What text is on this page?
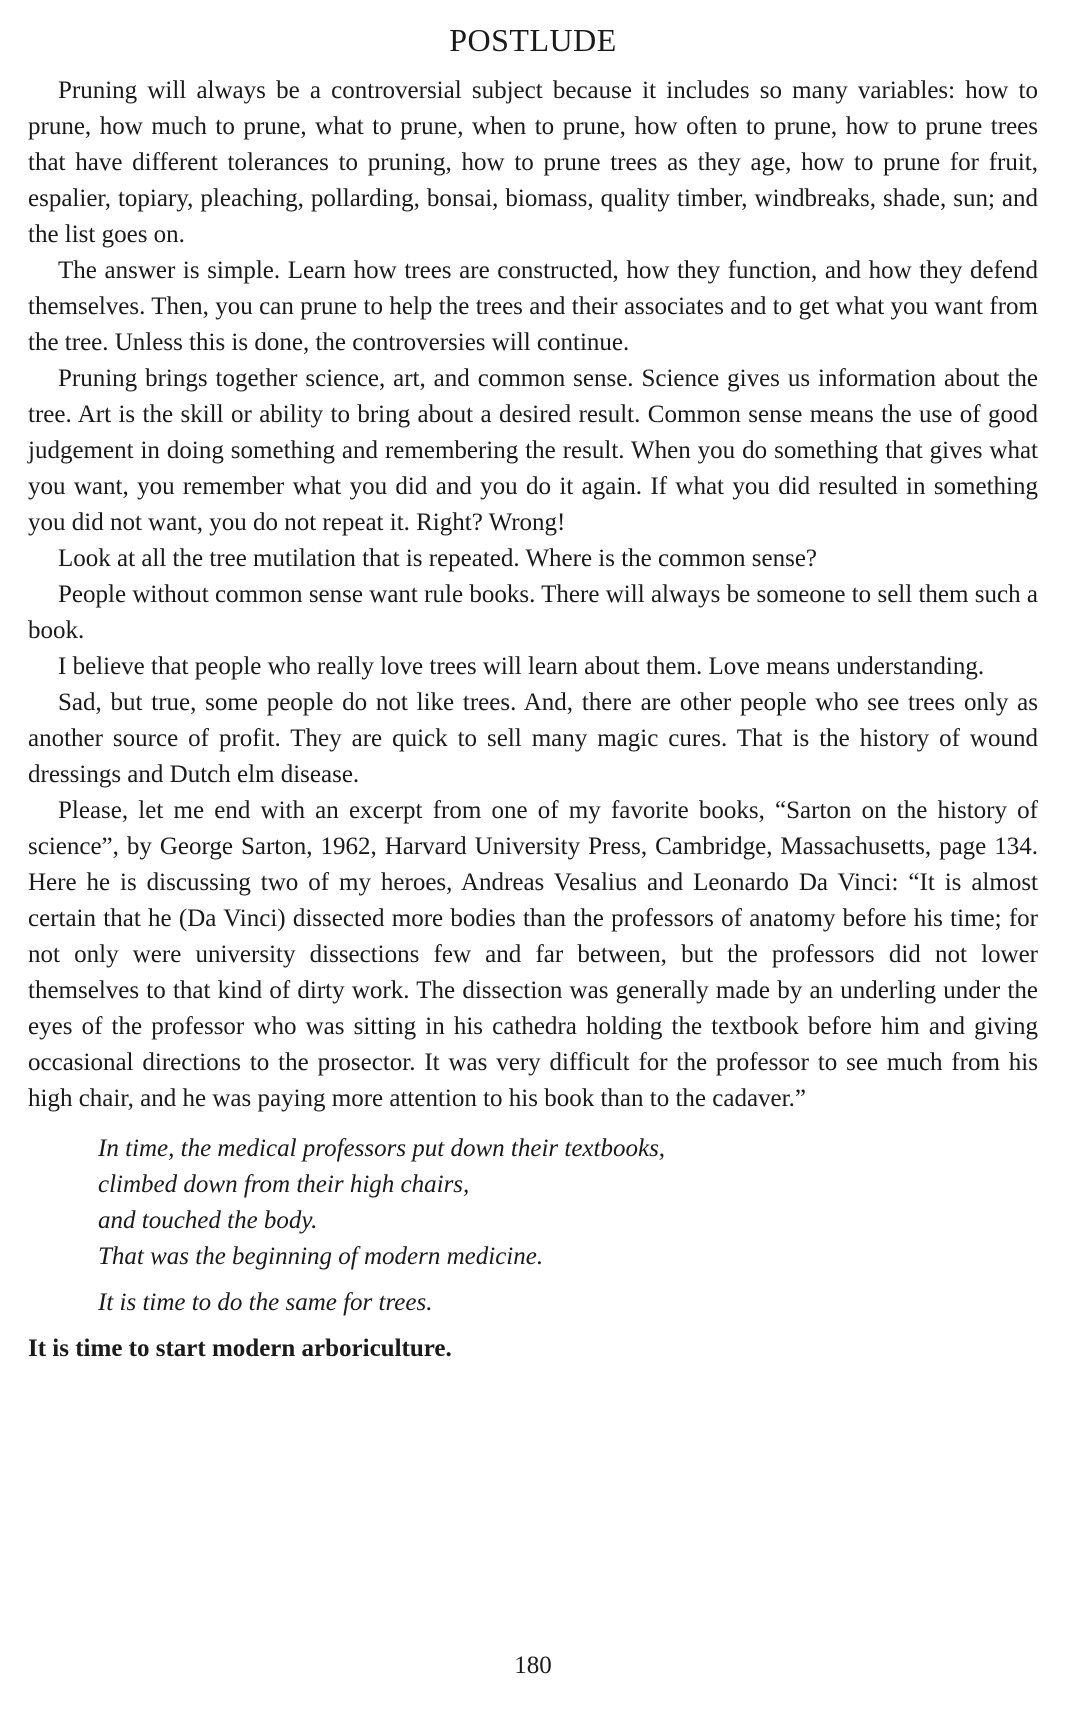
POSTLUDE

Pruning will always be a controversial subject because it includes so many variables: how to prune, how much to prune, what to prune, when to prune, how often to prune, how to prune trees that have different tolerances to pruning, how to prune trees as they age, how to prune for fruit, espalier, topiary, pleaching, pollarding, bonsai, biomass, quality timber, windbreaks, shade, sun; and the list goes on.

The answer is simple. Learn how trees are constructed, how they function, and how they defend themselves. Then, you can prune to help the trees and their associates and to get what you want from the tree. Unless this is done, the controversies will continue.

Pruning brings together science, art, and common sense. Science gives us information about the tree. Art is the skill or ability to bring about a desired result. Common sense means the use of good judgement in doing something and remembering the result. When you do something that gives what you want, you remember what you did and you do it again. If what you did resulted in something you did not want, you do not repeat it. Right? Wrong!

Look at all the tree mutilation that is repeated. Where is the common sense?

People without common sense want rule books. There will always be someone to sell them such a book.

I believe that people who really love trees will learn about them. Love means understanding.

Sad, but true, some people do not like trees. And, there are other people who see trees only as another source of profit. They are quick to sell many magic cures. That is the history of wound dressings and Dutch elm disease.

Please, let me end with an excerpt from one of my favorite books, “Sarton on the history of science”, by George Sarton, 1962, Harvard University Press, Cambridge, Massachusetts, page 134. Here he is discussing two of my heroes, Andreas Vesalius and Leonardo Da Vinci: “It is almost certain that he (Da Vinci) dissected more bodies than the professors of anatomy before his time; for not only were university dissections few and far between, but the professors did not lower themselves to that kind of dirty work. The dissection was generally made by an underling under the eyes of the professor who was sitting in his cathedra holding the textbook before him and giving occasional directions to the prosector. It was very difficult for the professor to see much from his high chair, and he was paying more attention to his book than to the cadaver.”

In time, the medical professors put down their textbooks,
climbed down from their high chairs,
and touched the body.
That was the beginning of modern medicine.
It is time to do the same for trees.
It is time to start modern arboriculture.
180
